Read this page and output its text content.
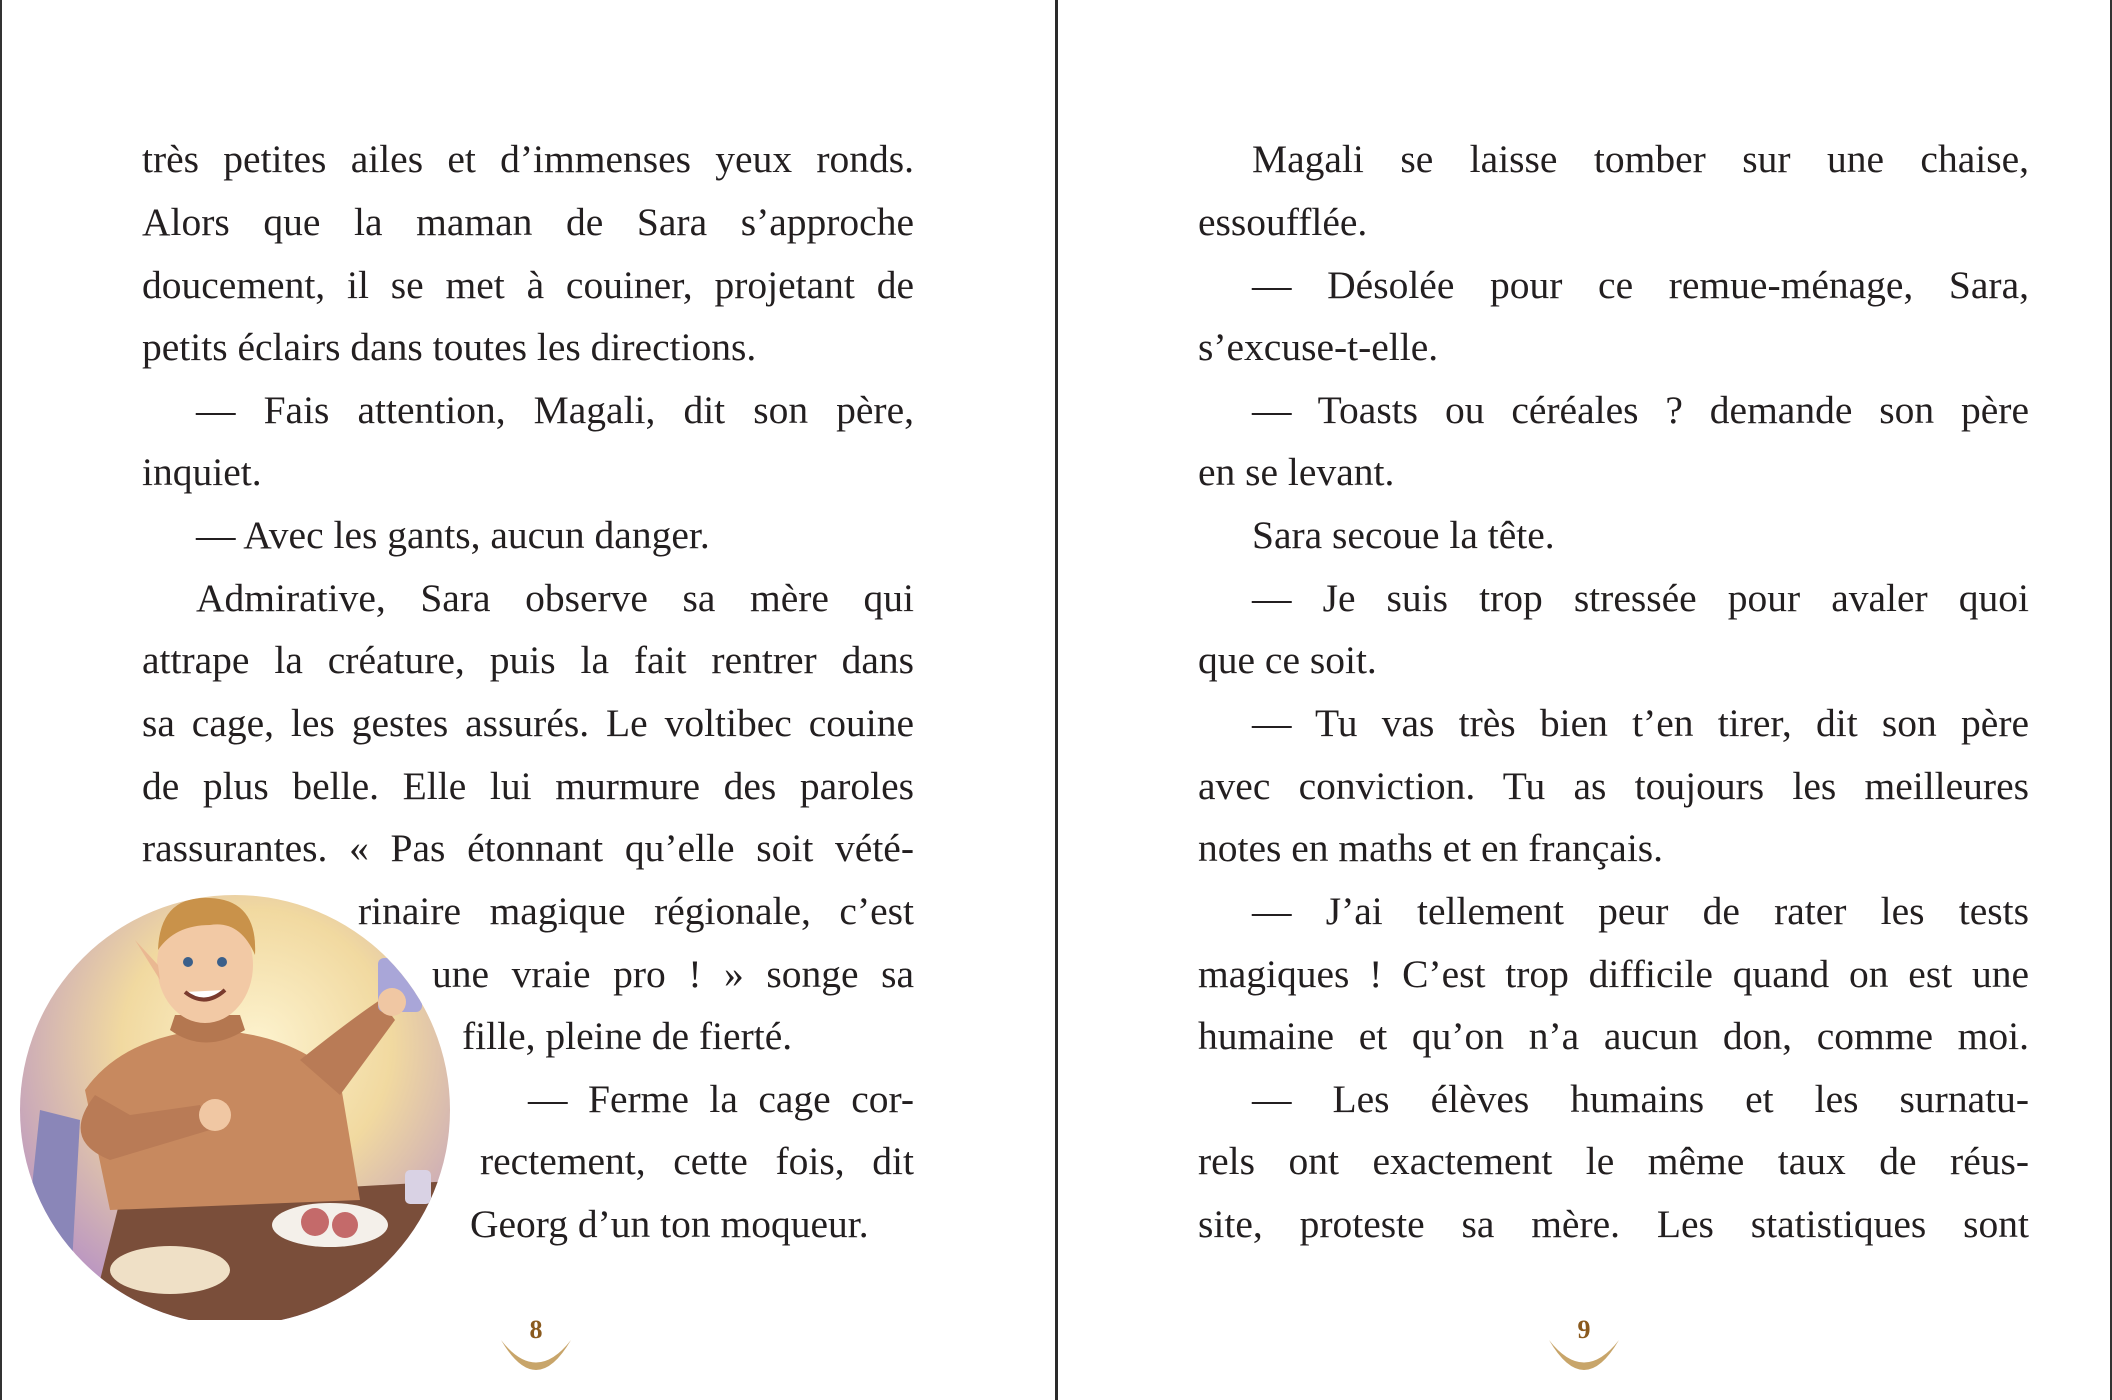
très petites ailes et d’immenses yeux ronds.
Alors que la maman de Sara s’approche
doucement, il se met à couiner, projetant de
petits éclairs dans toutes les directions.
— Fais attention, Magali, dit son père,
inquiet.
— Avec les gants, aucun danger.
Admirative, Sara observe sa mère qui
attrape la créature, puis la fait rentrer dans
sa cage, les gestes assurés. Le voltibec couine
de plus belle. Elle lui murmure des paroles
rassurantes. « Pas étonnant qu’elle soit vété-
rinaire magique régionale, c’est
une vraie pro ! » songe sa
fille, pleine de fierté.
— Ferme la cage cor-
rectement, cette fois, dit
Georg d’un ton moqueur.
8
Magali se laisse tomber sur une chaise,
essoufflée.
— Désolée pour ce remue-ménage, Sara,
s’excuse-t-elle.
— Toasts ou céréales ? demande son père
en se levant.
Sara secoue la tête.
— Je suis trop stressée pour avaler quoi
que ce soit.
— Tu vas très bien t’en tirer, dit son père
avec conviction. Tu as toujours les meilleures
notes en maths et en français.
— J’ai tellement peur de rater les tests
magiques ! C’est trop difficile quand on est une
humaine et qu’on n’a aucun don, comme moi.
— Les élèves humains et les surnatu-
rels ont exactement le même taux de réus-
site, proteste sa mère. Les statistiques sont
9
